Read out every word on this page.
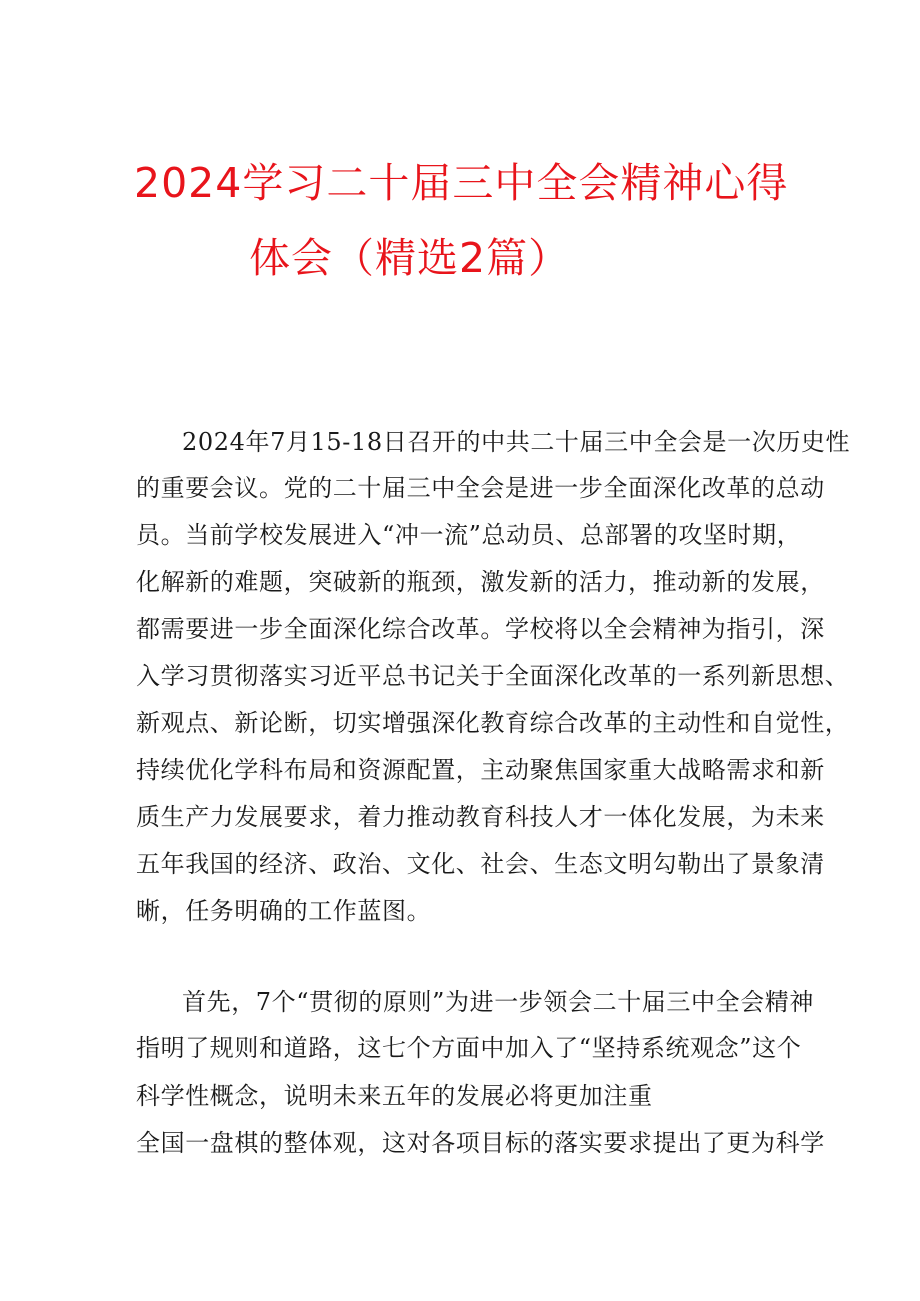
2024学习二十届三中全会精神心得
体会（精选2篇）
2024年7月15-18日召开的中共二十届三中全会是一次历史性
的重要会议。党的二十届三中全会是进一步全面深化改革的总动
员。当前学校发展进入“冲一流”总动员、总部署的攻坚时期，
化解新的难题，突破新的瓶颈，激发新的活力，推动新的发展，
都需要进一步全面深化综合改革。学校将以全会精神为指引，深
入学习贯彻落实习近平总书记关于全面深化改革的一系列新思想、
新观点、新论断，切实增强深化教育综合改革的主动性和自觉性，
持续优化学科布局和资源配置，主动聚焦国家重大战略需求和新
质生产力发展要求，着力推动教育科技人才一体化发展，为未来
五年我国的经济、政治、文化、社会、生态文明勾勒出了景象清
晰，任务明确的工作蓝图。
首先，7个“贯彻的原则”为进一步领会二十届三中全会精神
指明了规则和道路，这七个方面中加入了“坚持系统观念”这个
科学性概念，说明未来五年的发展必将更加注重
全国一盘棋的整体观，这对各项目标的落实要求提出了更为科学
